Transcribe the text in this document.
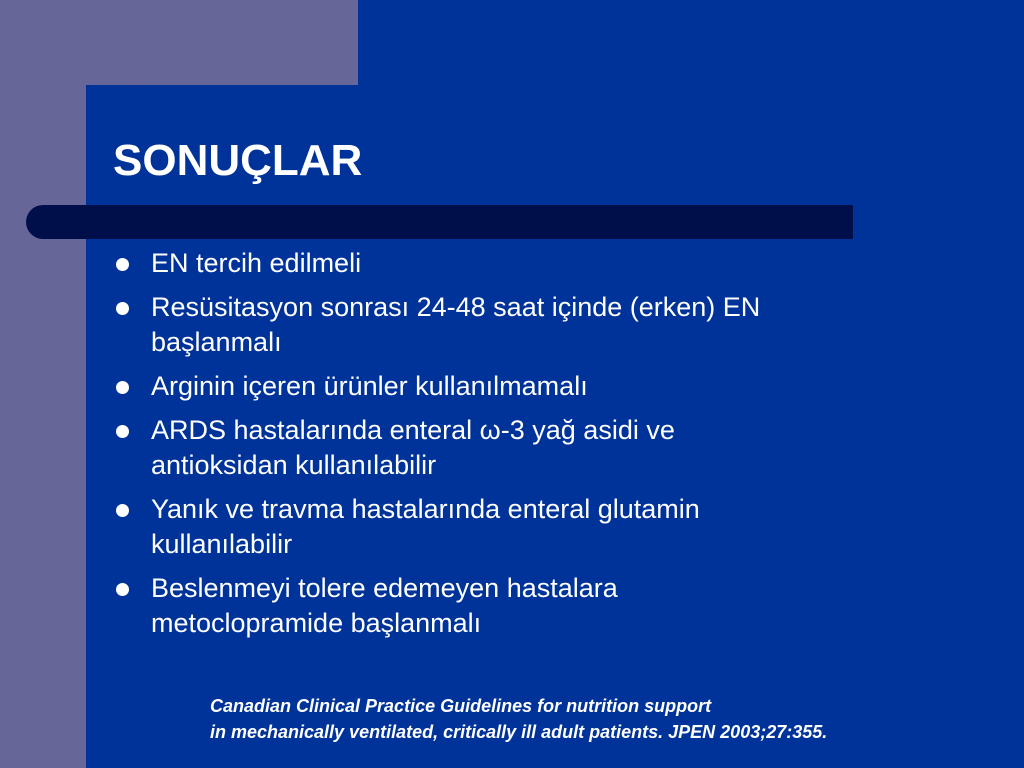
SONUÇLAR
EN tercih edilmeli
Resüsitasyon sonrası 24-48 saat içinde (erken) EN
başlanmalı
Arginin içeren ürünler kullanılmamalı
ARDS hastalarında enteral ω-3 yağ asidi ve
antioksidan kullanılabilir
Yanık ve travma hastalarında enteral glutamin
kullanılabilir
Beslenmeyi tolere edemeyen hastalara
metoclopramide başlanmalı

Canadian Clinical Practice Guidelines for nutrition support
in mechanically ventilated, critically ill adult patients. JPEN 2003;27:355.
